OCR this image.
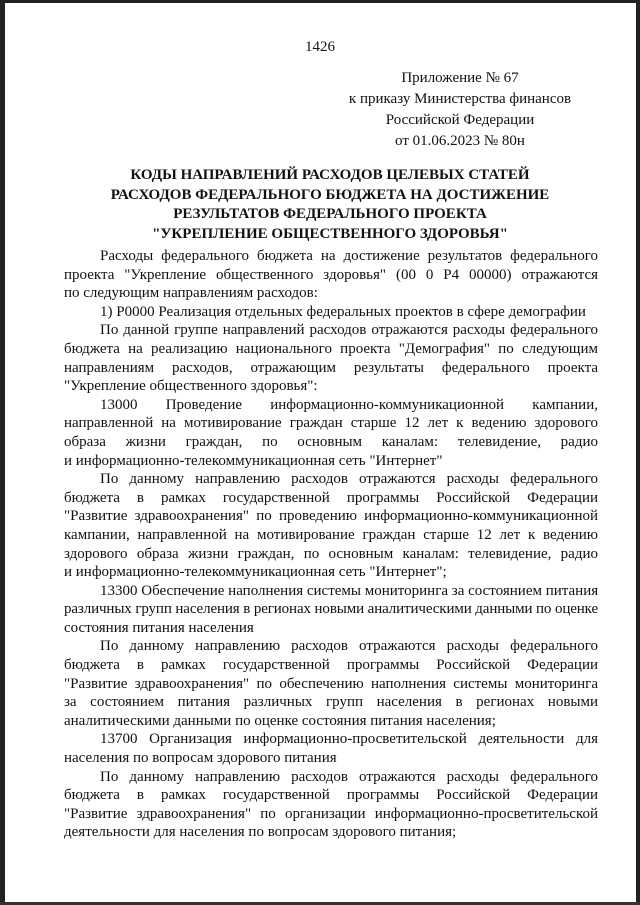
1426
Приложение № 67
к приказу Министерства финансов
Российской Федерации
от 01.06.2023 № 80н
КОДЫ НАПРАВЛЕНИЙ РАСХОДОВ ЦЕЛЕВЫХ СТАТЕЙ
РАСХОДОВ ФЕДЕРАЛЬНОГО БЮДЖЕТА НА ДОСТИЖЕНИЕ
РЕЗУЛЬТАТОВ ФЕДЕРАЛЬНОГО ПРОЕКТА
"УКРЕПЛЕНИЕ ОБЩЕСТВЕННОГО ЗДОРОВЬЯ"
Расходы федерального бюджета на достижение результатов федерального
проекта "Укрепление общественного здоровья" (00 0 Р4 00000) отражаются
по следующим направлениям расходов:
1) Р0000 Реализация отдельных федеральных проектов в сфере демографии
По данной группе направлений расходов отражаются расходы федерального
бюджета на реализацию национального проекта "Демография" по следующим
направлениям расходов, отражающим результаты федерального проекта
"Укрепление общественного здоровья":
13000 Проведение информационно-коммуникационной кампании,
направленной на мотивирование граждан старше 12 лет к ведению здорового
образа жизни граждан, по основным каналам: телевидение, радио
и информационно-телекоммуникационная сеть "Интернет"
По данному направлению расходов отражаются расходы федерального
бюджета в рамках государственной программы Российской Федерации
"Развитие здравоохранения" по проведению информационно-коммуникационной
кампании, направленной на мотивирование граждан старше 12 лет к ведению
здорового образа жизни граждан, по основным каналам: телевидение, радио
и информационно-телекоммуникационная сеть "Интернет";
13300 Обеспечение наполнения системы мониторинга за состоянием питания
различных групп населения в регионах новыми аналитическими данными по оценке
состояния питания населения
По данному направлению расходов отражаются расходы федерального
бюджета в рамках государственной программы Российской Федерации
"Развитие здравоохранения" по обеспечению наполнения системы мониторинга
за состоянием питания различных групп населения в регионах новыми
аналитическими данными по оценке состояния питания населения;
13700 Организация информационно-просветительской деятельности для
населения по вопросам здорового питания
По данному направлению расходов отражаются расходы федерального
бюджета в рамках государственной программы Российской Федерации
"Развитие здравоохранения" по организации информационно-просветительской
деятельности для населения по вопросам здорового питания;
